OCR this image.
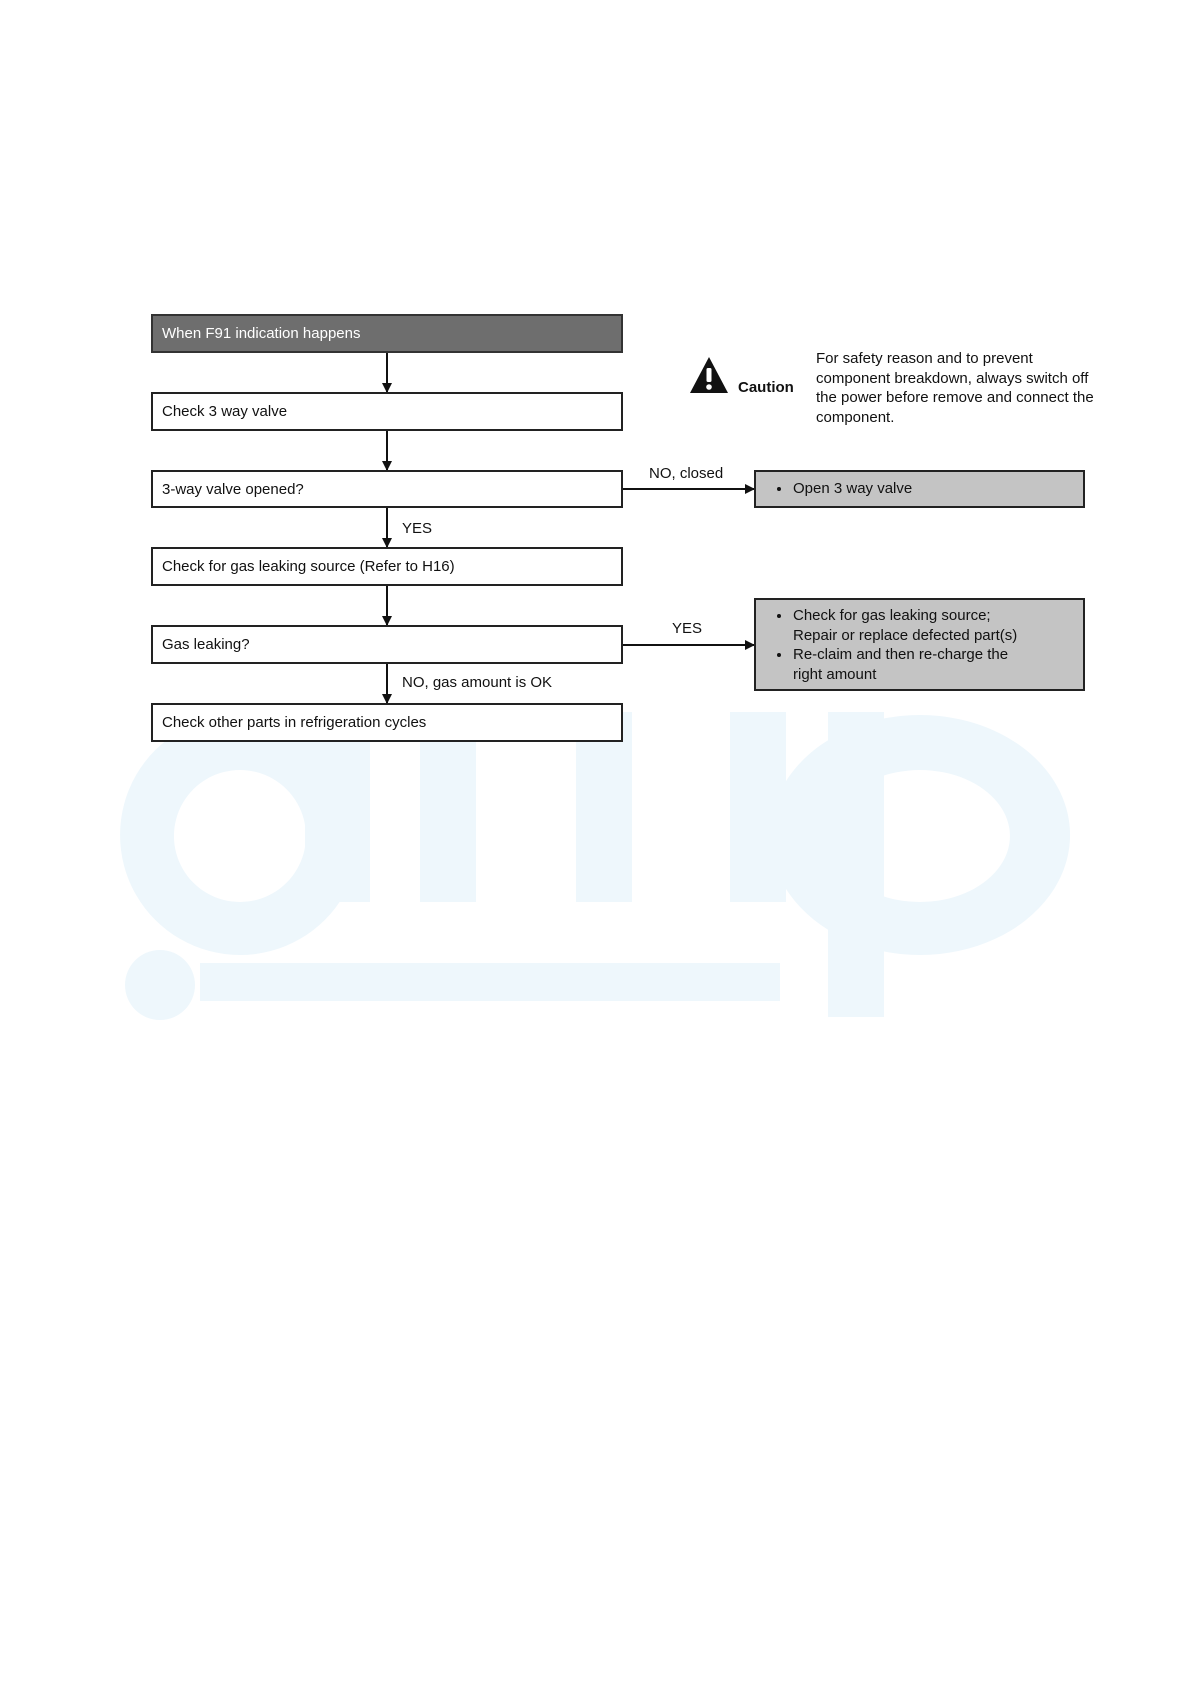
When F91 indication happens
Check 3 way valve
3-way valve opened?
Check for gas leaking source (Refer to H16)
Gas leaking?
Check other parts in refrigeration cycles
• Open 3 way valve
• Check for gas leaking source;
Repair or replace defected part(s)
• Re-claim and then re-charge the
right amount
NO, closed
YES
YES
NO, gas amount is OK
Caution
For safety reason and to prevent component breakdown, always switch off the power before remove and connect the component.
